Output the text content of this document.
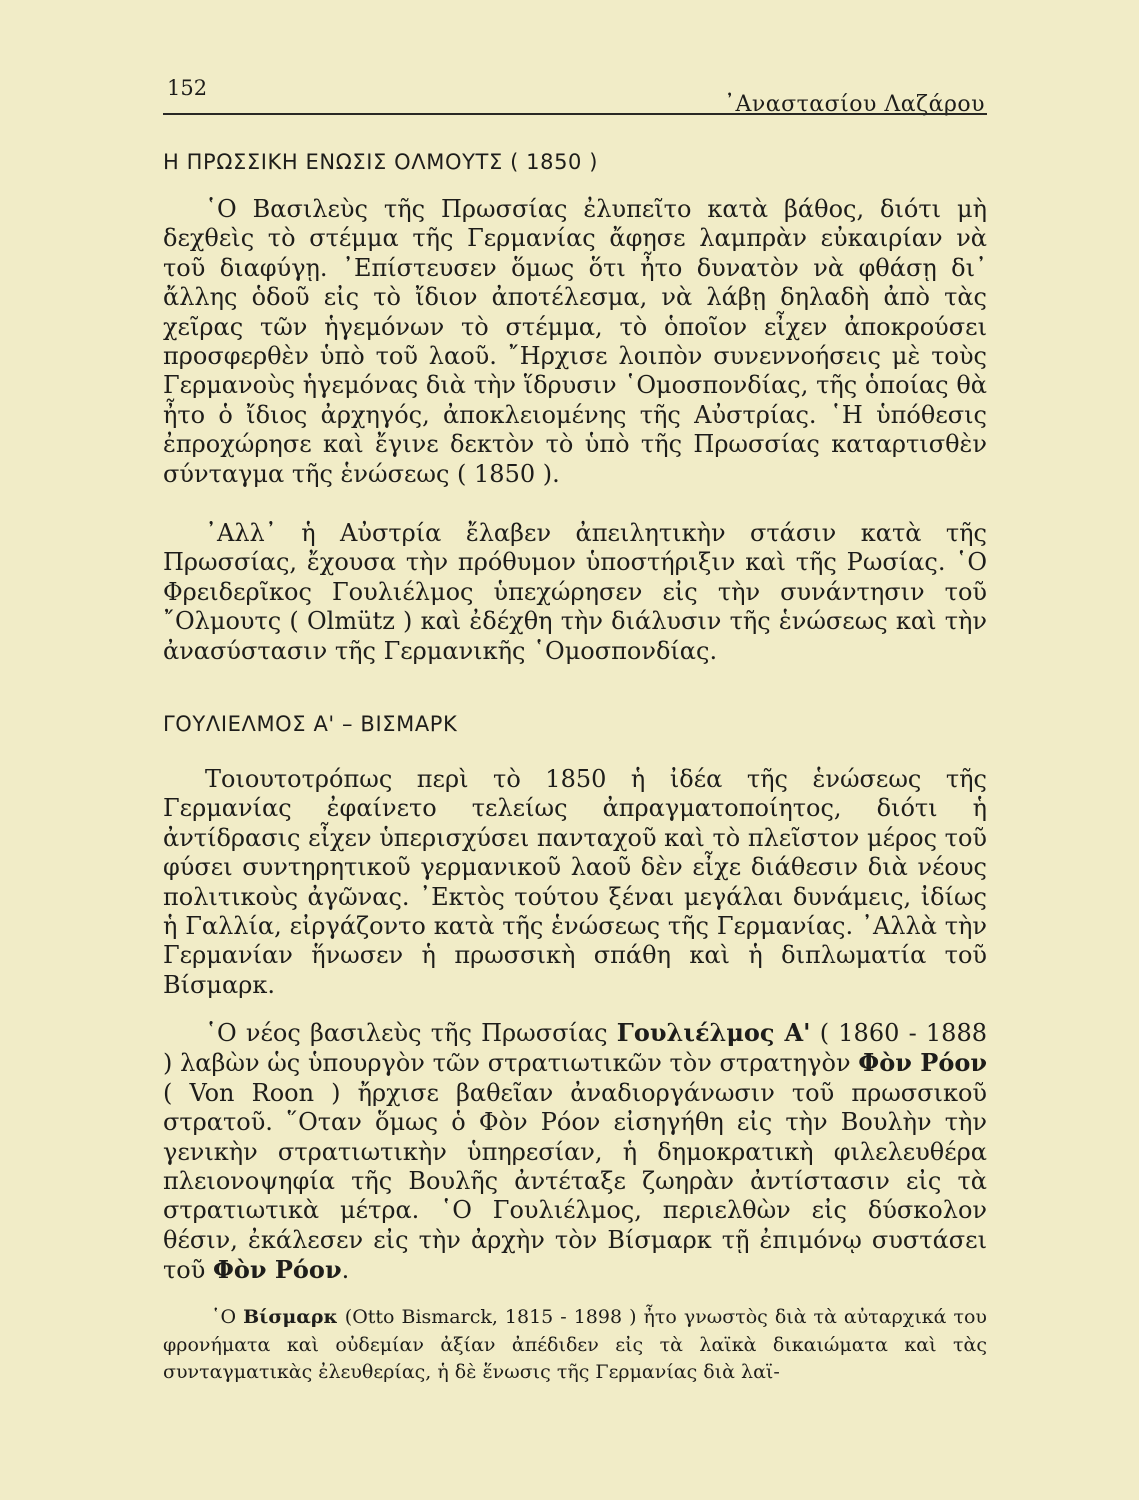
152
᾿Αναστασίου Λαζάρου
Η ΠΡΩΣΣΙΚΗ ΕΝΩΣΙΣ ΟΛΜΟΥΤΣ ( 1850 )

῾Ο Βασιλεὺς τῆς Πρωσσίας ἐλυπεῖτο κατὰ βάθος, διότι μὴ δεχθεὶς τὸ στέμμα τῆς Γερμανίας ἄφησε λαμπρὰν εὐκαιρίαν νὰ τοῦ διαφύγῃ. ᾿Επίστευσεν ὅμως ὅτι ἦτο δυνατὸν νὰ φθάσῃ δι᾿ ἄλλης ὁδοῦ εἰς τὸ ἴδιον ἀποτέλεσμα, νὰ λάβῃ δηλαδὴ ἀπὸ τὰς χεῖρας τῶν ἡγεμόνων τὸ στέμμα, τὸ ὁποῖον εἶχεν ἀποκρούσει προσφερθὲν ὑπὸ τοῦ λαοῦ. ῎Ηρχισε λοιπὸν συνεννοήσεις μὲ τοὺς Γερμανοὺς ἡγεμόνας διὰ τὴν ἵδρυσιν ῾Ομοσπονδίας, τῆς ὁποίας θὰ ἦτο ὁ ἴδιος ἀρχηγός, ἀποκλειομένης τῆς Αὐστρίας. ῾Η ὑπόθεσις ἐπροχώρησε καὶ ἔγινε δεκτὸν τὸ ὑπὸ τῆς Πρωσσίας καταρτισθὲν σύνταγμα τῆς ἑνώσεως ( 1850 ).

᾿Αλλ᾿ ἡ Αὐστρία ἔλαβεν ἀπειλητικὴν στάσιν κατὰ τῆς Πρωσσίας, ἔχουσα τὴν πρόθυμον ὑποστήριξιν καὶ τῆς Ρωσίας. ῾Ο Φρειδερῖκος Γουλιέλμος ὑπεχώρησεν εἰς τὴν συνάντησιν τοῦ ῎Ολμουτς ( Olmütz ) καὶ ἐδέχθη τὴν διάλυσιν τῆς ἑνώσεως καὶ τὴν ἀνασύστασιν τῆς Γερμανικῆς ῾Ομοσπονδίας.

ΓΟΥΛΙΕΛΜΟΣ Α' – ΒΙΣΜΑΡΚ

Τοιουτοτρόπως περὶ τὸ 1850 ἡ ἰδέα τῆς ἑνώσεως τῆς Γερμανίας ἐφαίνετο τελείως ἀπραγματοποίητος, διότι ἡ ἀντίδρασις εἶχεν ὑπερισχύσει πανταχοῦ καὶ τὸ πλεῖστον μέρος τοῦ φύσει συντηρητικοῦ γερμανικοῦ λαοῦ δὲν εἶχε διάθεσιν διὰ νέους πολιτικοὺς ἀγῶνας. ᾿Εκτὸς τούτου ξέναι μεγάλαι δυνάμεις, ἰδίως ἡ Γαλλία, εἰργάζοντο κατὰ τῆς ἑνώσεως τῆς Γερμανίας. ᾿Αλλὰ τὴν Γερμανίαν ἥνωσεν ἡ πρωσσικὴ σπάθη καὶ ἡ διπλωματία τοῦ Βίσμαρκ.

῾Ο νέος βασιλεὺς τῆς Πρωσσίας Γουλιέλμος Α' ( 1860 - 1888 ) λαβὼν ὡς ὑπουργὸν τῶν στρατιωτικῶν τὸν στρατηγὸν Φὸν Ρόον ( Von Roon ) ἤρχισε βαθεῖαν ἀναδιοργάνωσιν τοῦ πρωσσικοῦ στρατοῦ. ῞Οταν ὅμως ὁ Φὸν Ρόον εἰσηγήθη εἰς τὴν Βουλὴν τὴν γενικὴν στρατιωτικὴν ὑπηρεσίαν, ἡ δημοκρατικὴ φιλελευθέρα πλειονοψηφία τῆς Βουλῆς ἀντέταξε ζωηρὰν ἀντίστασιν εἰς τὰ στρατιωτικὰ μέτρα. ῾Ο Γουλιέλμος, περιελθὼν εἰς δύσκολον θέσιν, ἐκάλεσεν εἰς τὴν ἀρχὴν τὸν Βίσμαρκ τῇ ἐπιμόνῳ συστάσει τοῦ Φὸν Ρόον.

῾Ο Βίσμαρκ (Otto Bismarck, 1815 - 1898 ) ἦτο γνωστὸς διὰ τὰ αὐταρχικά του φρονήματα καὶ οὐδεμίαν ἀξίαν ἀπέδιδεν εἰς τὰ λαϊκὰ δικαιώματα καὶ τὰς συνταγματικὰς ἐλευθερίας, ἡ δὲ ἕνωσις τῆς Γερμανίας διὰ λαϊ-
